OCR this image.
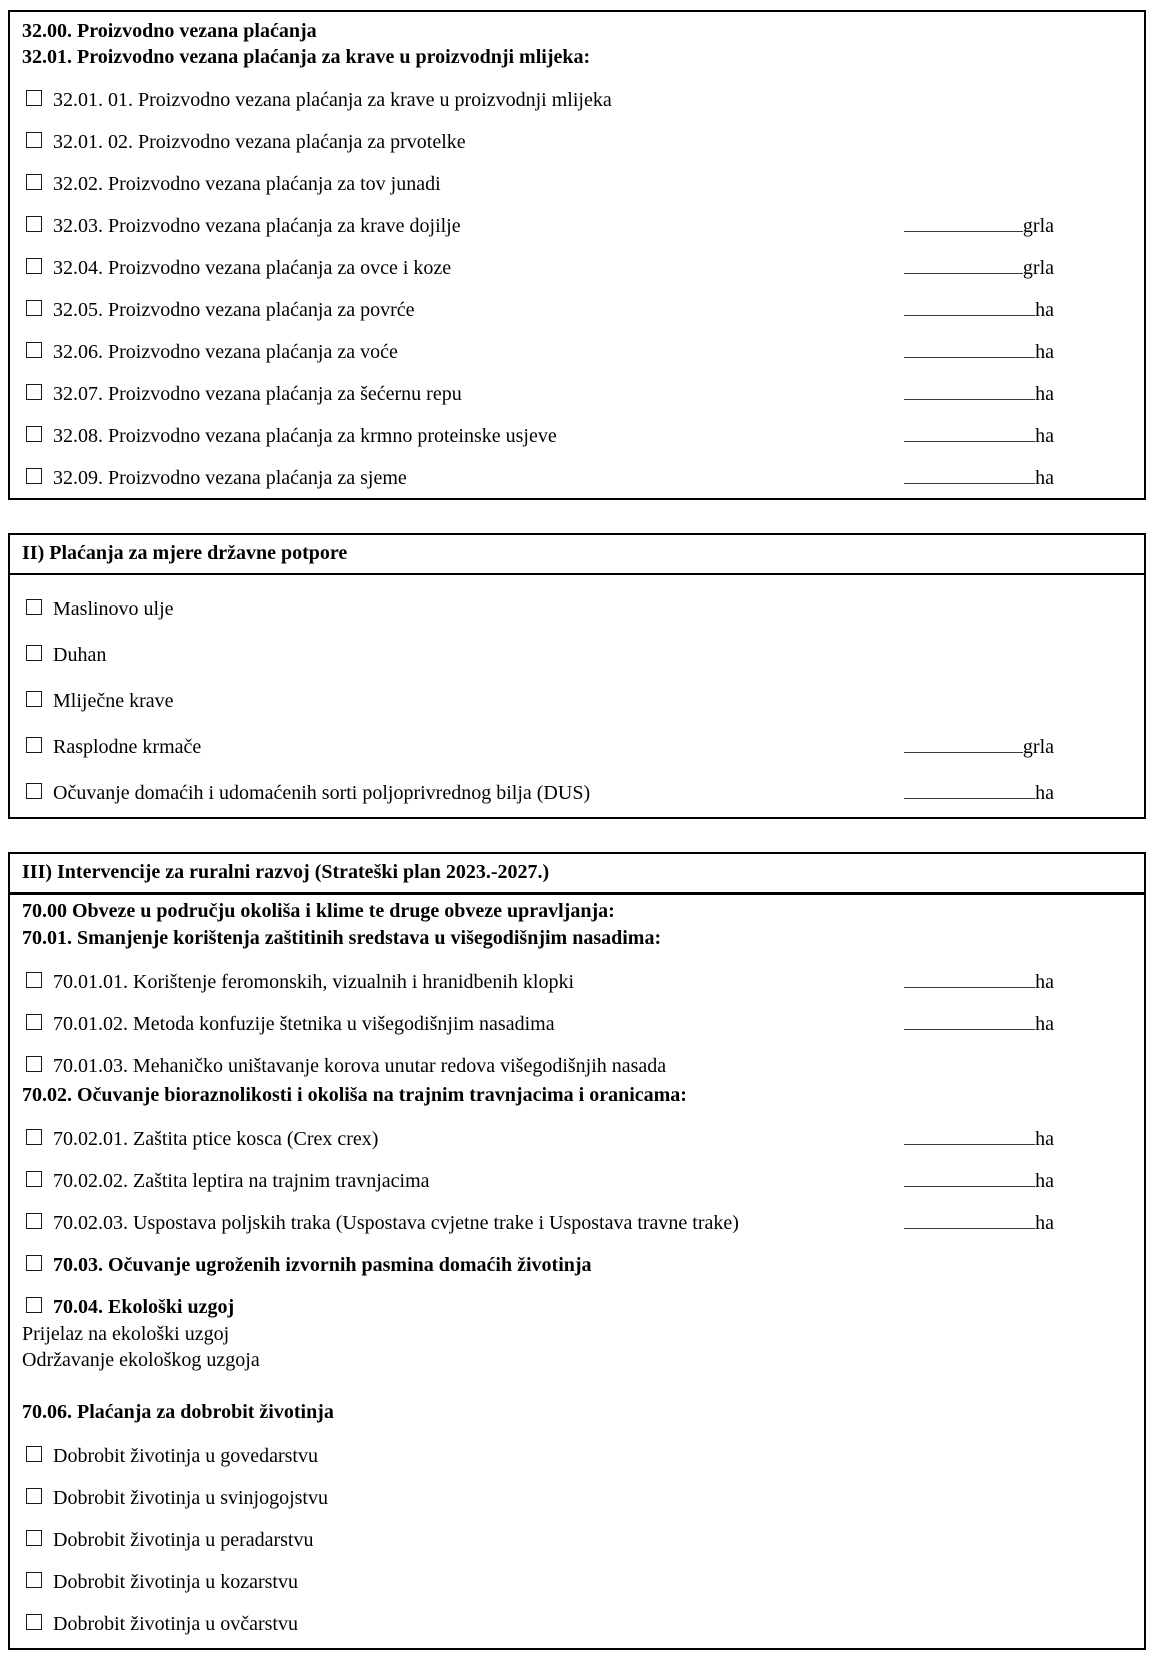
32.00. Proizvodno vezana plaćanja
32.01. Proizvodno vezana plaćanja za krave u proizvodnji mlijeka:
32.01. 01. Proizvodno vezana plaćanja za krave u proizvodnji mlijeka
32.01. 02. Proizvodno vezana plaćanja za prvotelke
32.02. Proizvodno vezana plaćanja za tov junadi
32.03. Proizvodno vezana plaćanja za krave dojilje	grla
32.04. Proizvodno vezana plaćanja za ovce i koze	grla
32.05. Proizvodno vezana plaćanja za povrće	ha
32.06. Proizvodno vezana plaćanja za voće	ha
32.07. Proizvodno vezana plaćanja za šećernu repu	ha
32.08. Proizvodno vezana plaćanja za krmno proteinske usjeve	ha
32.09. Proizvodno vezana plaćanja za sjeme	ha
II) Plaćanja za mjere državne potpore
Maslinovo ulje
Duhan
Mliječne krave
Rasplodne krmače	grla
Očuvanje domaćih i udomaćenih sorti poljoprivrednog bilja (DUS)	ha
III) Intervencije za ruralni razvoj (Strateški plan 2023.-2027.)
70.00 Obveze u području okoliša i klime te druge obveze upravljanja:
70.01. Smanjenje korištenja zaštitinih sredstava u višegodišnjim nasadima:
70.01.01. Korištenje feromonskih, vizualnih i hranidbenih klopki	ha
70.01.02. Metoda konfuzije štetnika u višegodišnjim nasadima	ha
70.01.03. Mehaničko uništavanje korova unutar redova višegodišnjih nasada
70.02. Očuvanje bioraznolikosti i okoliša na trajnim travnjacima i oranicama:
70.02.01. Zaštita ptice kosca (Crex crex)	ha
70.02.02. Zaštita leptira na trajnim travnjacima	ha
70.02.03. Uspostava poljskih traka (Uspostava cvjetne trake i Uspostava travne trake)	ha
70.03. Očuvanje ugroženih izvornih pasmina domaćih životinja
70.04. Ekološki uzgoj
Prijelaz na ekološki uzgoj
Održavanje ekološkog uzgoja
70.06. Plaćanja za dobrobit životinja
Dobrobit životinja u govedarstvu
Dobrobit životinja u svinjogojstvu
Dobrobit životinja u peradarstvu
Dobrobit životinja u kozarstvu
Dobrobit životinja u ovčarstvu
